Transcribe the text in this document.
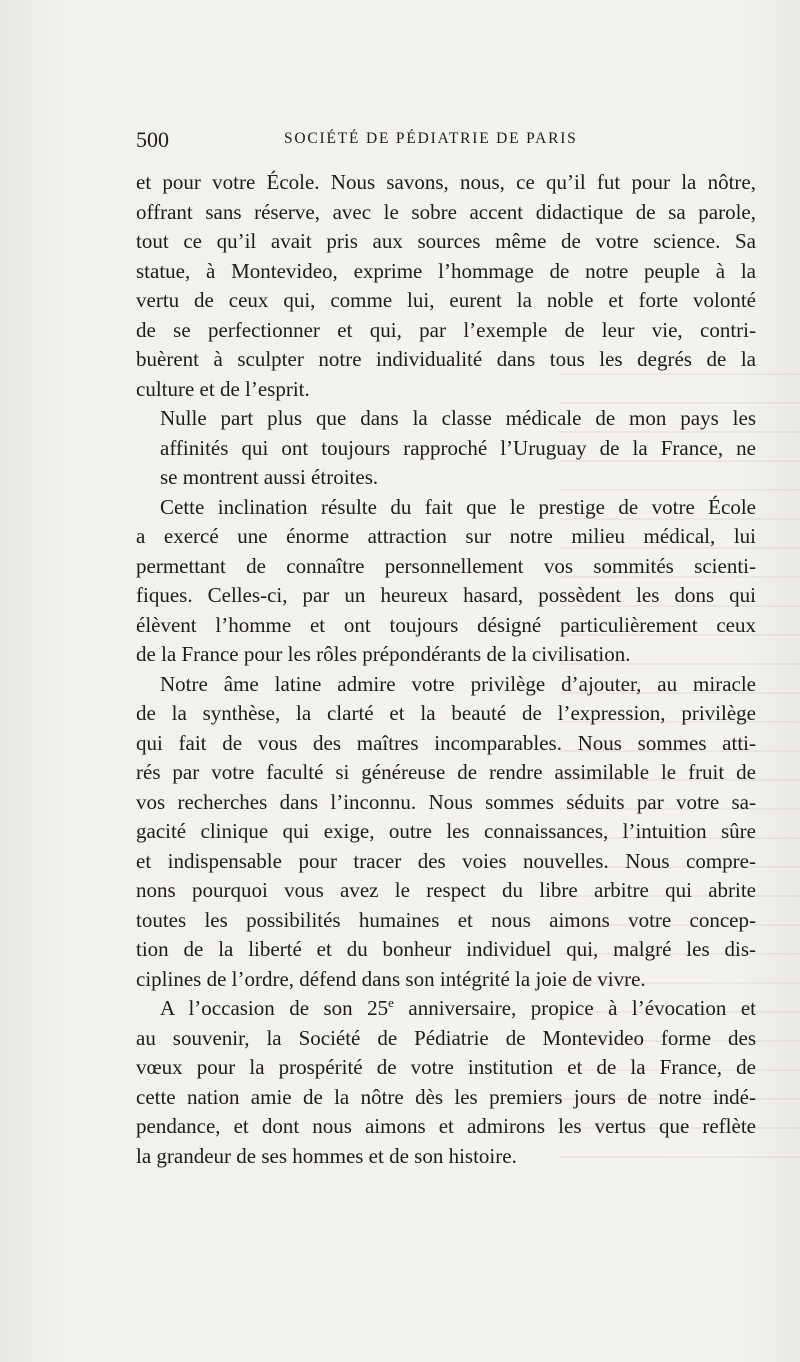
500	SOCIÉTÉ DE PÉDIATRIE DE PARIS

et pour votre École. Nous savons, nous, ce qu’il fut pour la nôtre,
offrant sans réserve, avec le sobre accent didactique de sa parole,
tout ce qu’il avait pris aux sources même de votre science. Sa
statue, à Montevideo, exprime l’hommage de notre peuple à la
vertu de ceux qui, comme lui, eurent la noble et forte volonté
de se perfectionner et qui, par l’exemple de leur vie, contri-
buèrent à sculpter notre individualité dans tous les degrés de la
culture et de l’esprit.

Nulle part plus que dans la classe médicale de mon pays les
affinités qui ont toujours rapproché l’Uruguay de la France, ne
se montrent aussi étroites.

Cette inclination résulte du fait que le prestige de votre École
a exercé une énorme attraction sur notre milieu médical, lui
permettant de connaître personnellement vos sommités scienti-
fiques. Celles-ci, par un heureux hasard, possèdent les dons qui
élèvent l’homme et ont toujours désigné particulièrement ceux
de la France pour les rôles prépondérants de la civilisation.

Notre âme latine admire votre privilège d’ajouter, au miracle
de la synthèse, la clarté et la beauté de l’expression, privilège
qui fait de vous des maîtres incomparables. Nous sommes atti-
rés par votre faculté si généreuse de rendre assimilable le fruit de
vos recherches dans l’inconnu. Nous sommes séduits par votre sa-
gacité clinique qui exige, outre les connaissances, l’intuition sûre
et indispensable pour tracer des voies nouvelles. Nous compre-
nons pourquoi vous avez le respect du libre arbitre qui abrite
toutes les possibilités humaines et nous aimons votre concep-
tion de la liberté et du bonheur individuel qui, malgré les dis-
ciplines de l’ordre, défend dans son intégrité la joie de vivre.

A l’occasion de son 25e anniversaire, propice à l’évocation et
au souvenir, la Société de Pédiatrie de Montevideo forme des
vœux pour la prospérité de votre institution et de la France, de
cette nation amie de la nôtre dès les premiers jours de notre indé-
pendance, et dont nous aimons et admirons les vertus que reflète
la grandeur de ses hommes et de son histoire.
